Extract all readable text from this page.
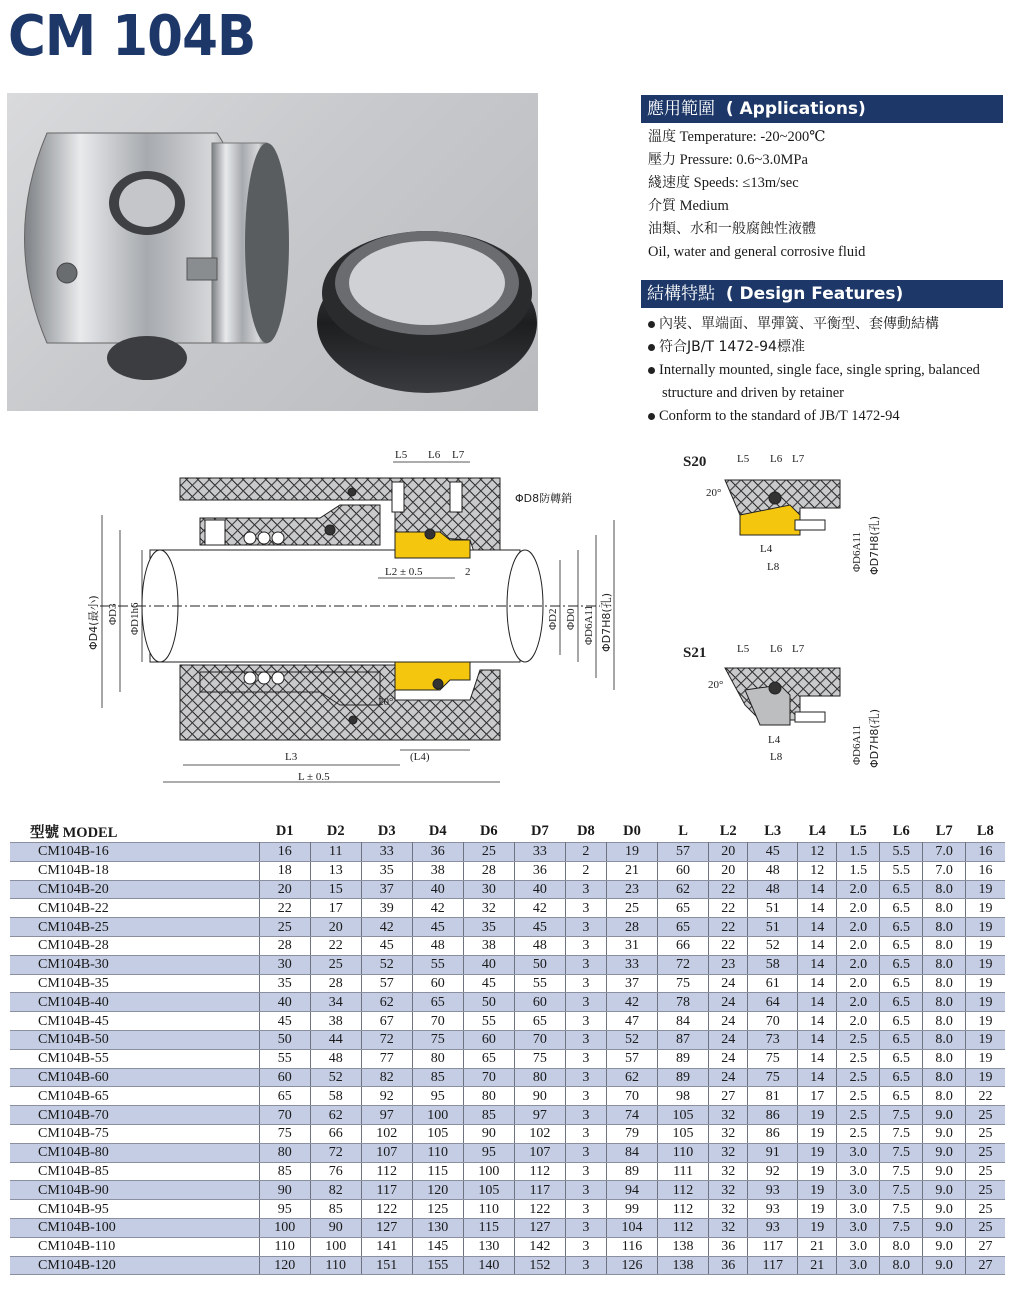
CM 104B
應用範圍 ( Applications)
溫度 Temperature: -20~200℃
壓力 Pressure: 0.6~3.0MPa
綫速度 Speeds: ≤13m/sec
介質 Medium
油類、水和一般腐蝕性液體
Oil, water and general corrosive fluid
結構特點 ( Design Features)
內裝、單端面、單彈簧、平衡型、套傳動結構
符合JB/T 1472-94標准
Internally mounted, single face, single spring, balanced
structure and driven by retainer
Conform to the standard of JB/T 1472-94
L5 L6 L7
ΦD8防轉銷
L2 ± 0.5	2
20°
L3	(L4)
L ± 0.5
ΦD4(最小) ΦD3 ΦD1h6	ΦD2 ΦD0 ΦD6A11 ΦD7H8(孔)
S20	L5 L6 L7
20°
L4
L8	ΦD6A11 ΦD7H8(孔)
S21	L5 L6 L7
20°
L4
L8	ΦD6A11 ΦD7H8(孔)
型號 MODEL	D1	D2	D3	D4	D6	D7	D8	D0	L	L2	L3	L4	L5	L6	L7	L8
CM104B-16	16	11	33	36	25	33	2	19	57	20	45	12	1.5	5.5	7.0	16
CM104B-18	18	13	35	38	28	36	2	21	60	20	48	12	1.5	5.5	7.0	16
CM104B-20	20	15	37	40	30	40	3	23	62	22	48	14	2.0	6.5	8.0	19
CM104B-22	22	17	39	42	32	42	3	25	65	22	51	14	2.0	6.5	8.0	19
CM104B-25	25	20	42	45	35	45	3	28	65	22	51	14	2.0	6.5	8.0	19
CM104B-28	28	22	45	48	38	48	3	31	66	22	52	14	2.0	6.5	8.0	19
CM104B-30	30	25	52	55	40	50	3	33	72	23	58	14	2.0	6.5	8.0	19
CM104B-35	35	28	57	60	45	55	3	37	75	24	61	14	2.0	6.5	8.0	19
CM104B-40	40	34	62	65	50	60	3	42	78	24	64	14	2.0	6.5	8.0	19
CM104B-45	45	38	67	70	55	65	3	47	84	24	70	14	2.0	6.5	8.0	19
CM104B-50	50	44	72	75	60	70	3	52	87	24	73	14	2.5	6.5	8.0	19
CM104B-55	55	48	77	80	65	75	3	57	89	24	75	14	2.5	6.5	8.0	19
CM104B-60	60	52	82	85	70	80	3	62	89	24	75	14	2.5	6.5	8.0	19
CM104B-65	65	58	92	95	80	90	3	70	98	27	81	17	2.5	6.5	8.0	22
CM104B-70	70	62	97	100	85	97	3	74	105	32	86	19	2.5	7.5	9.0	25
CM104B-75	75	66	102	105	90	102	3	79	105	32	86	19	2.5	7.5	9.0	25
CM104B-80	80	72	107	110	95	107	3	84	110	32	91	19	3.0	7.5	9.0	25
CM104B-85	85	76	112	115	100	112	3	89	111	32	92	19	3.0	7.5	9.0	25
CM104B-90	90	82	117	120	105	117	3	94	112	32	93	19	3.0	7.5	9.0	25
CM104B-95	95	85	122	125	110	122	3	99	112	32	93	19	3.0	7.5	9.0	25
CM104B-100	100	90	127	130	115	127	3	104	112	32	93	19	3.0	7.5	9.0	25
CM104B-110	110	100	141	145	130	142	3	116	138	36	117	21	3.0	8.0	9.0	27
CM104B-120	120	110	151	155	140	152	3	126	138	36	117	21	3.0	8.0	9.0	27
